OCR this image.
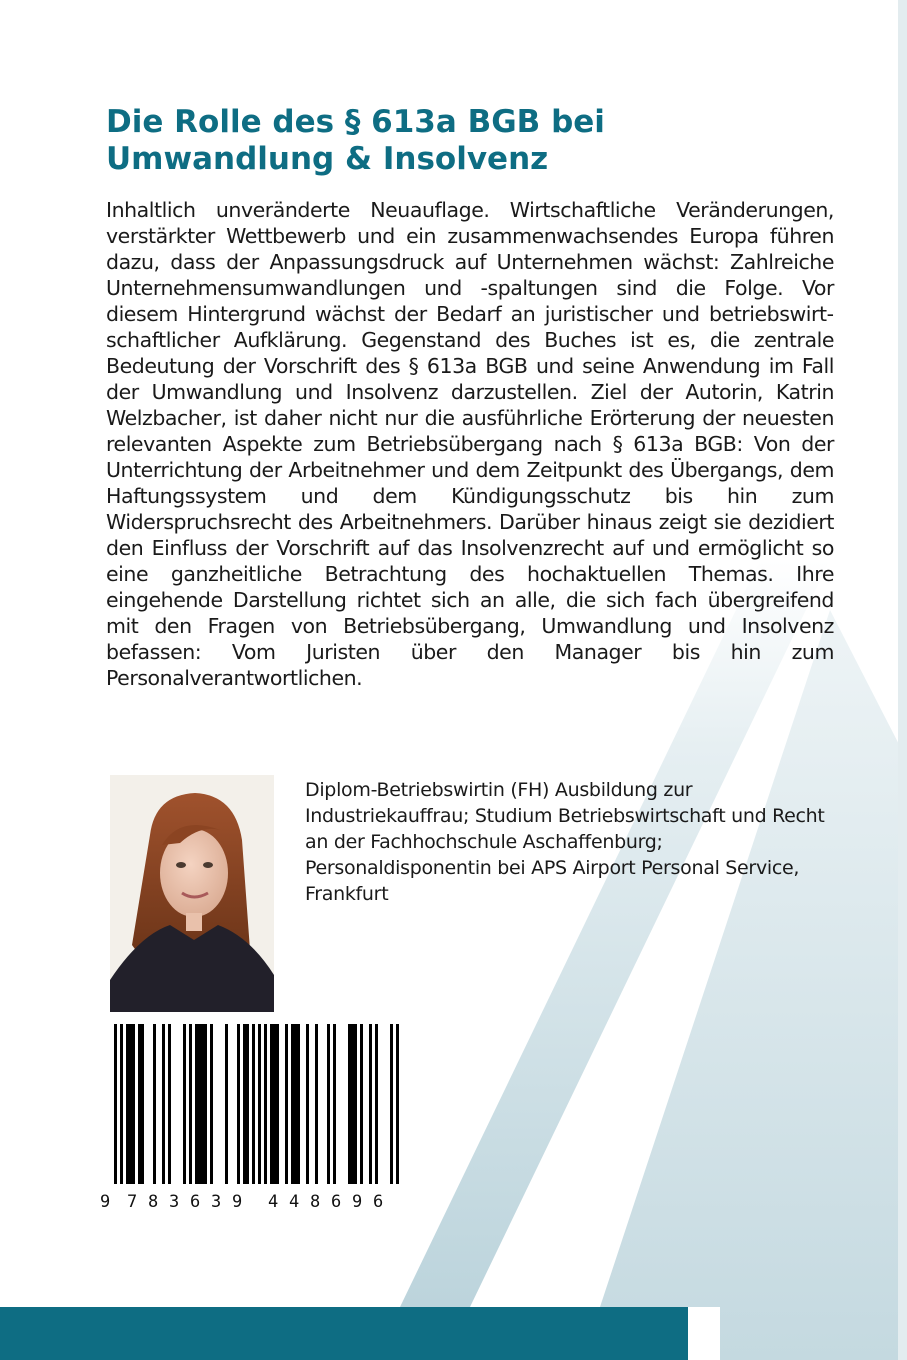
Die Rolle des § 613a BGB bei
Umwandlung & Insolvenz

Inhaltlich unveränderte Neuauflage. Wirtschaftliche Veränderungen, verstärkter Wettbewerb und ein zusammenwachsendes Europa führen dazu, dass der Anpassungsdruck auf Unternehmen wächst: Zahlreiche Unternehmensumwandlungen und -spaltungen sind die Folge. Vor diesem Hintergrund wächst der Bedarf an juristischer und betriebswirtschaftlicher Aufklärung. Gegenstand des Buches ist es, die zentrale Bedeutung der Vorschrift des § 613a BGB und seine Anwendung im Fall der Umwandlung und Insolvenz darzustellen. Ziel der Autorin, Katrin Welzbacher, ist daher nicht nur die ausführliche Erörterung der neuesten relevanten Aspekte zum Betriebsübergang nach § 613a BGB: Von der Unterrichtung der Arbeitnehmer und dem Zeitpunkt des Übergangs, dem Haftungssystem und dem Kündigungsschutz bis hin zum Widerspruchsrecht des Arbeitnehmers. Darüber hinaus zeigt sie dezidiert den Einfluss der Vorschrift auf das Insolvenzrecht auf und ermöglicht so eine ganzheitliche Betrachtung des hochaktuellen Themas. Ihre eingehende Darstellung richtet sich an alle, die sich fach übergreifend mit den Fragen von Betriebsübergang, Umwandlung und Insolvenz befassen: Vom Juristen über den Manager bis hin zum Personalverantwortlichen.

Diplom-Betriebswirtin (FH) Ausbildung zur Industriekauffrau; Studium Betriebswirtschaft und Recht an der Fachhochschule Aschaffenburg; Personaldisponentin bei APS Airport Personal Service, Frankfurt

9 7 8 3 6 3 9 4 4 8 6 9 6
